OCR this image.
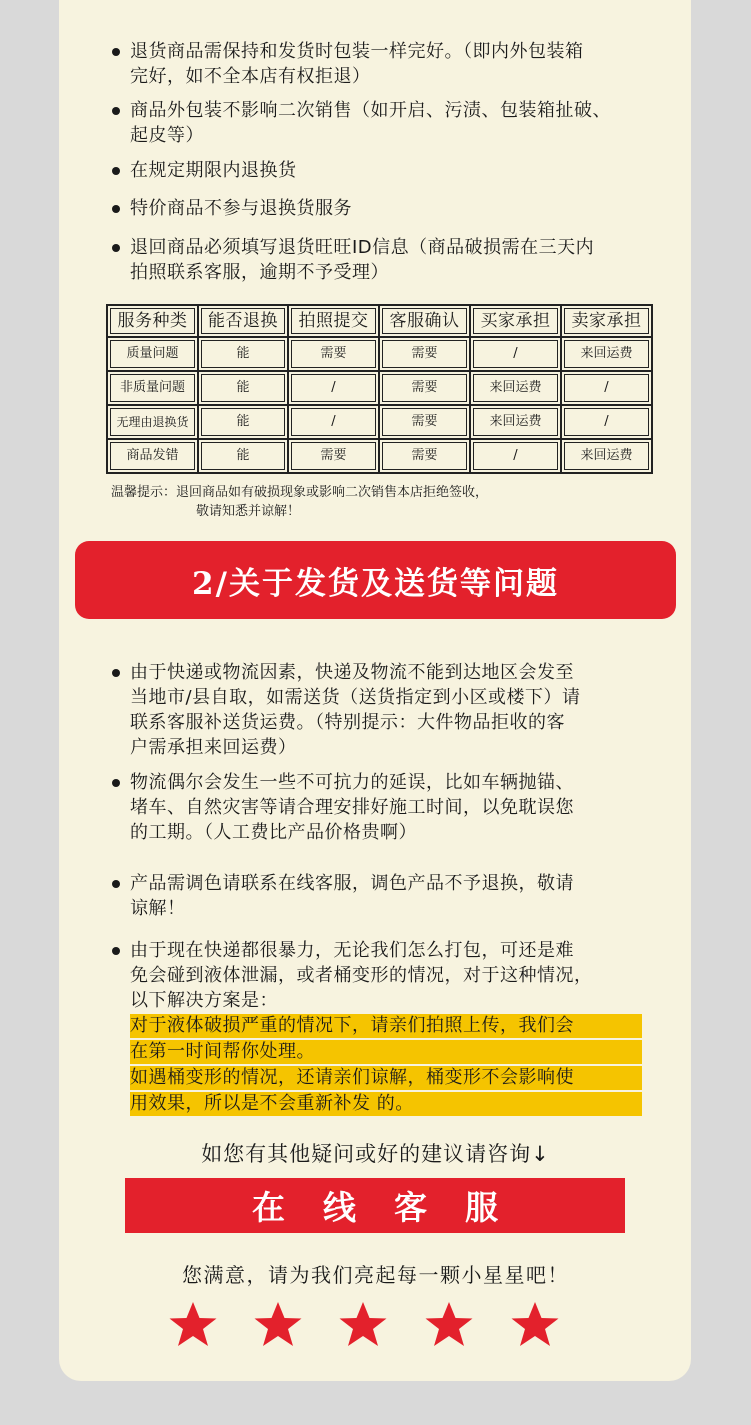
退货商品需保持和发货时包装一样完好。（即内外包装箱
完好，如不全本店有权拒退）
商品外包装不影响二次销售（如开启、污渍、包装箱扯破、
起皮等）
在规定期限内退换货
特价商品不参与退换货服务
退回商品必须填写退货旺旺ID信息（商品破损需在三天内
拍照联系客服，逾期不予受理）
服务种类	能否退换	拍照提交	客服确认	买家承担	卖家承担

质量问题	能	需要	需要	/	来回运费

非质量问题	能	/	需要	来回运费	/

无理由退换货	能	/	需要	来回运费	/

商品发错	能	需要	需要	/	来回运费
温馨提示：退回商品如有破损现象或影响二次销售本店拒绝签收，

敬请知悉并谅解！
2/关于发货及送货等问题
由于快递或物流因素，快递及物流不能到达地区会发至
当地市/县自取，如需送货（送货指定到小区或楼下）请
联系客服补送货运费。（特别提示：大件物品拒收的客
户需承担来回运费）
物流偶尔会发生一些不可抗力的延误，比如车辆抛锚、
堵车、自然灾害等请合理安排好施工时间，以免耽误您
的工期。（人工费比产品价格贵啊）
产品需调色请联系在线客服，调色产品不予退换，敬请
谅解！
由于现在快递都很暴力，无论我们怎么打包，可还是难
免会碰到液体泄漏，或者桶变形的情况，对于这种情况，
以下解决方案是：
对于液体破损严重的情况下，请亲们拍照上传，我们会
在第一时间帮你处理。
如遇桶变形的情况，还请亲们谅解，桶变形不会影响使
用效果，所以是不会重新补发 的。
如您有其他疑问或好的建议请咨询↓
在线客服
您满意，请为我们亮起每一颗小星星吧！
